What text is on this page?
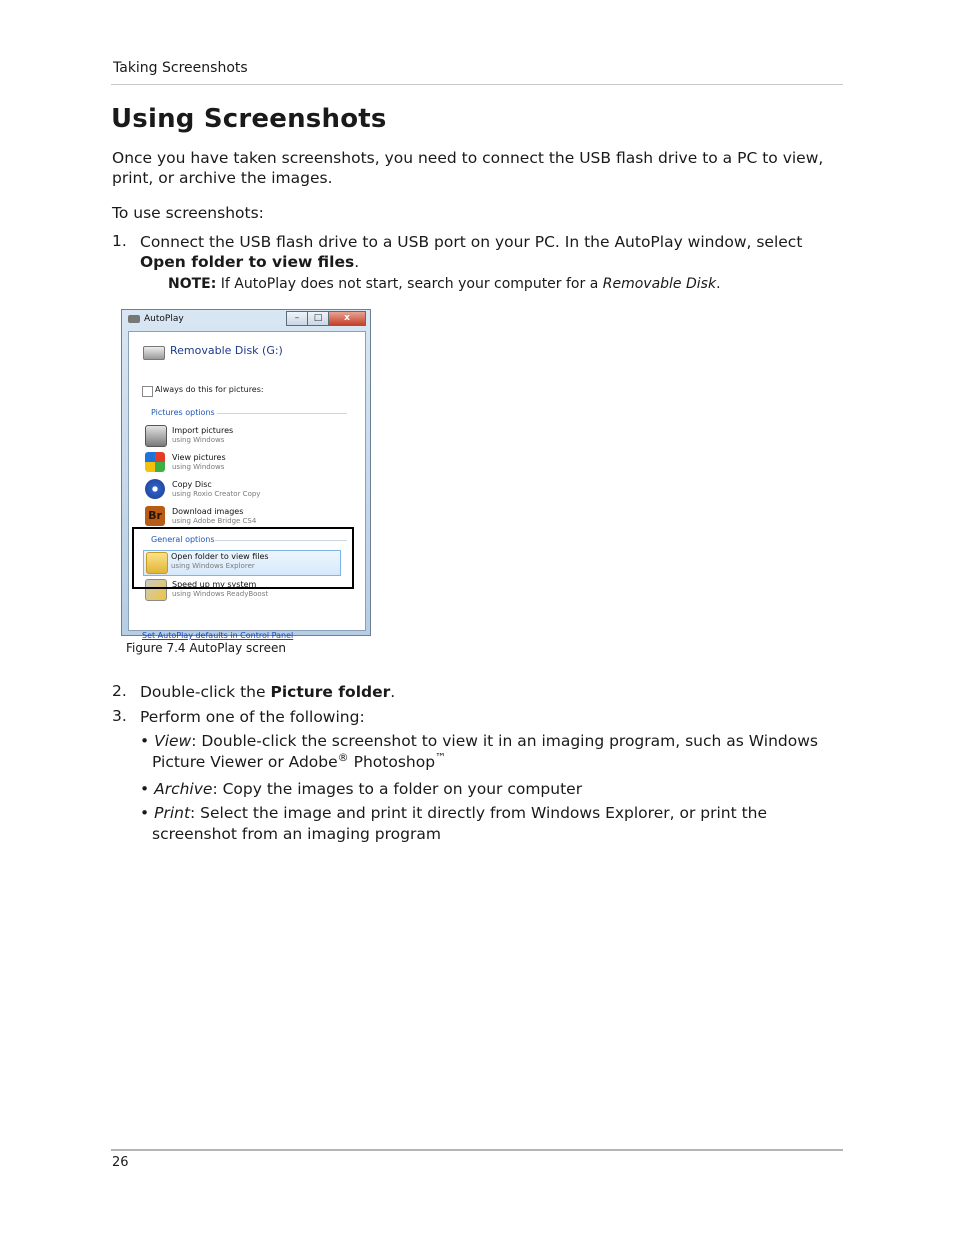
Taking Screenshots
Using Screenshots
Once you have taken screenshots, you need to connect the USB flash drive to a PC to view, print, or archive the images.
To use screenshots:
1. Connect the USB flash drive to a USB port on your PC. In the AutoPlay window, select Open folder to view files.
NOTE: If AutoPlay does not start, search your computer for a Removable Disk.
AutoPlay	–	□	x
Removable Disk (G:)
Always do this for pictures:
Pictures options
Import pictures
using Windows
View pictures
using Windows
Copy Disc
using Roxio Creator Copy
Br	Download images
using Adobe Bridge CS4
General options
Open folder to view files
using Windows Explorer
Speed up my system
using Windows ReadyBoost
Set AutoPlay defaults in Control Panel
Figure 7.4 AutoPlay screen
2. Double-click the Picture folder.
3. Perform one of the following:
• View: Double-click the screenshot to view it in an imaging program, such as Windows Picture Viewer or Adobe® Photoshop™
• Archive: Copy the images to a folder on your computer
• Print: Select the image and print it directly from Windows Explorer, or print the screenshot from an imaging program
26
